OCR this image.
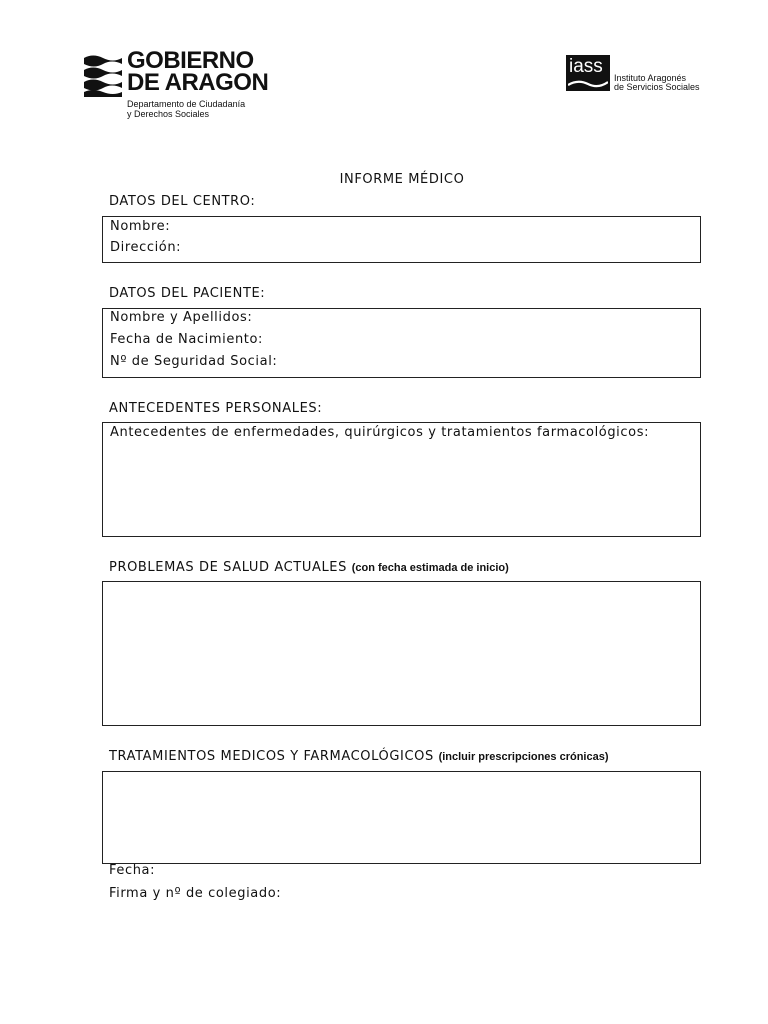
GOBIERNO
DE ARAGON
Departamento de Ciudadanía
y Derechos Sociales
iass
Instituto Aragonés
de Servicios Sociales
INFORME MÉDICO
DATOS DEL CENTRO:
Nombre:
Dirección:
DATOS DEL PACIENTE:
Nombre y Apellidos:
Fecha de Nacimiento:
Nº de Seguridad Social:
ANTECEDENTES PERSONALES:
Antecedentes de enfermedades, quirúrgicos y tratamientos farmacológicos:
PROBLEMAS DE SALUD ACTUALES (con fecha estimada de inicio)
TRATAMIENTOS MEDICOS Y FARMACOLÓGICOS (incluir prescripciones crónicas)
Fecha:
Firma y nº de colegiado:
